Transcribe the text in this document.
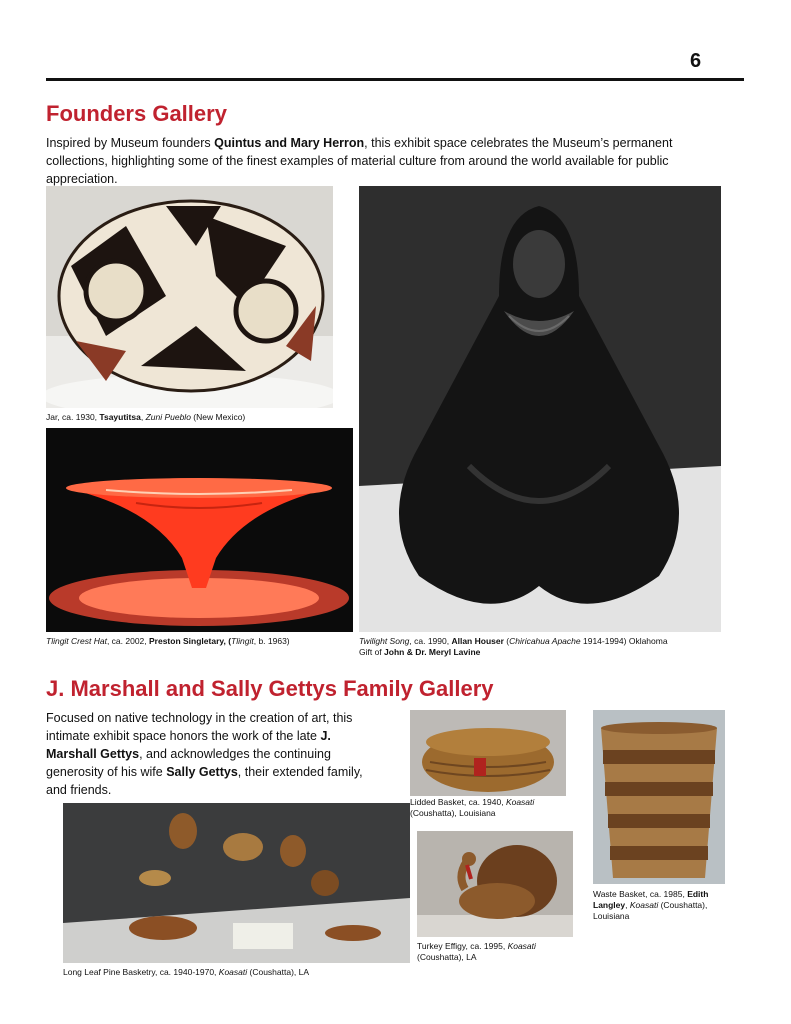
6
Founders Gallery
Inspired by Museum founders Quintus and Mary Herron, this exhibit space celebrates the Museum’s permanent collections, highlighting some of the finest examples of material culture from around the world available for public appreciation.
Jar, ca. 1930, Tsayutitsa, Zuni Pueblo (New Mexico)
Tlingit Crest Hat, ca. 2002, Preston Singletary, (Tlingit, b. 1963)	Twilight Song, ca. 1990, Allan Houser (Chiricahua Apache 1914-1994) Oklahoma
Gift of John & Dr. Meryl Lavine
J. Marshall and Sally Gettys Family Gallery
Focused on native technology in the creation of art, this intimate exhibit space honors the work of the late J. Marshall Gettys, and acknowledges the continuing generosity of his wife Sally Gettys, their extended family, and friends.
Lidded Basket, ca. 1940, Koasati (Coushatta), Louisiana
Waste Basket, ca. 1985, Edith Langley, Koasati (Coushatta), Louisiana
Long Leaf Pine Basketry, ca. 1940-1970, Koasati (Coushatta), LA
Turkey Effigy, ca. 1995, Koasati (Coushatta), LA
